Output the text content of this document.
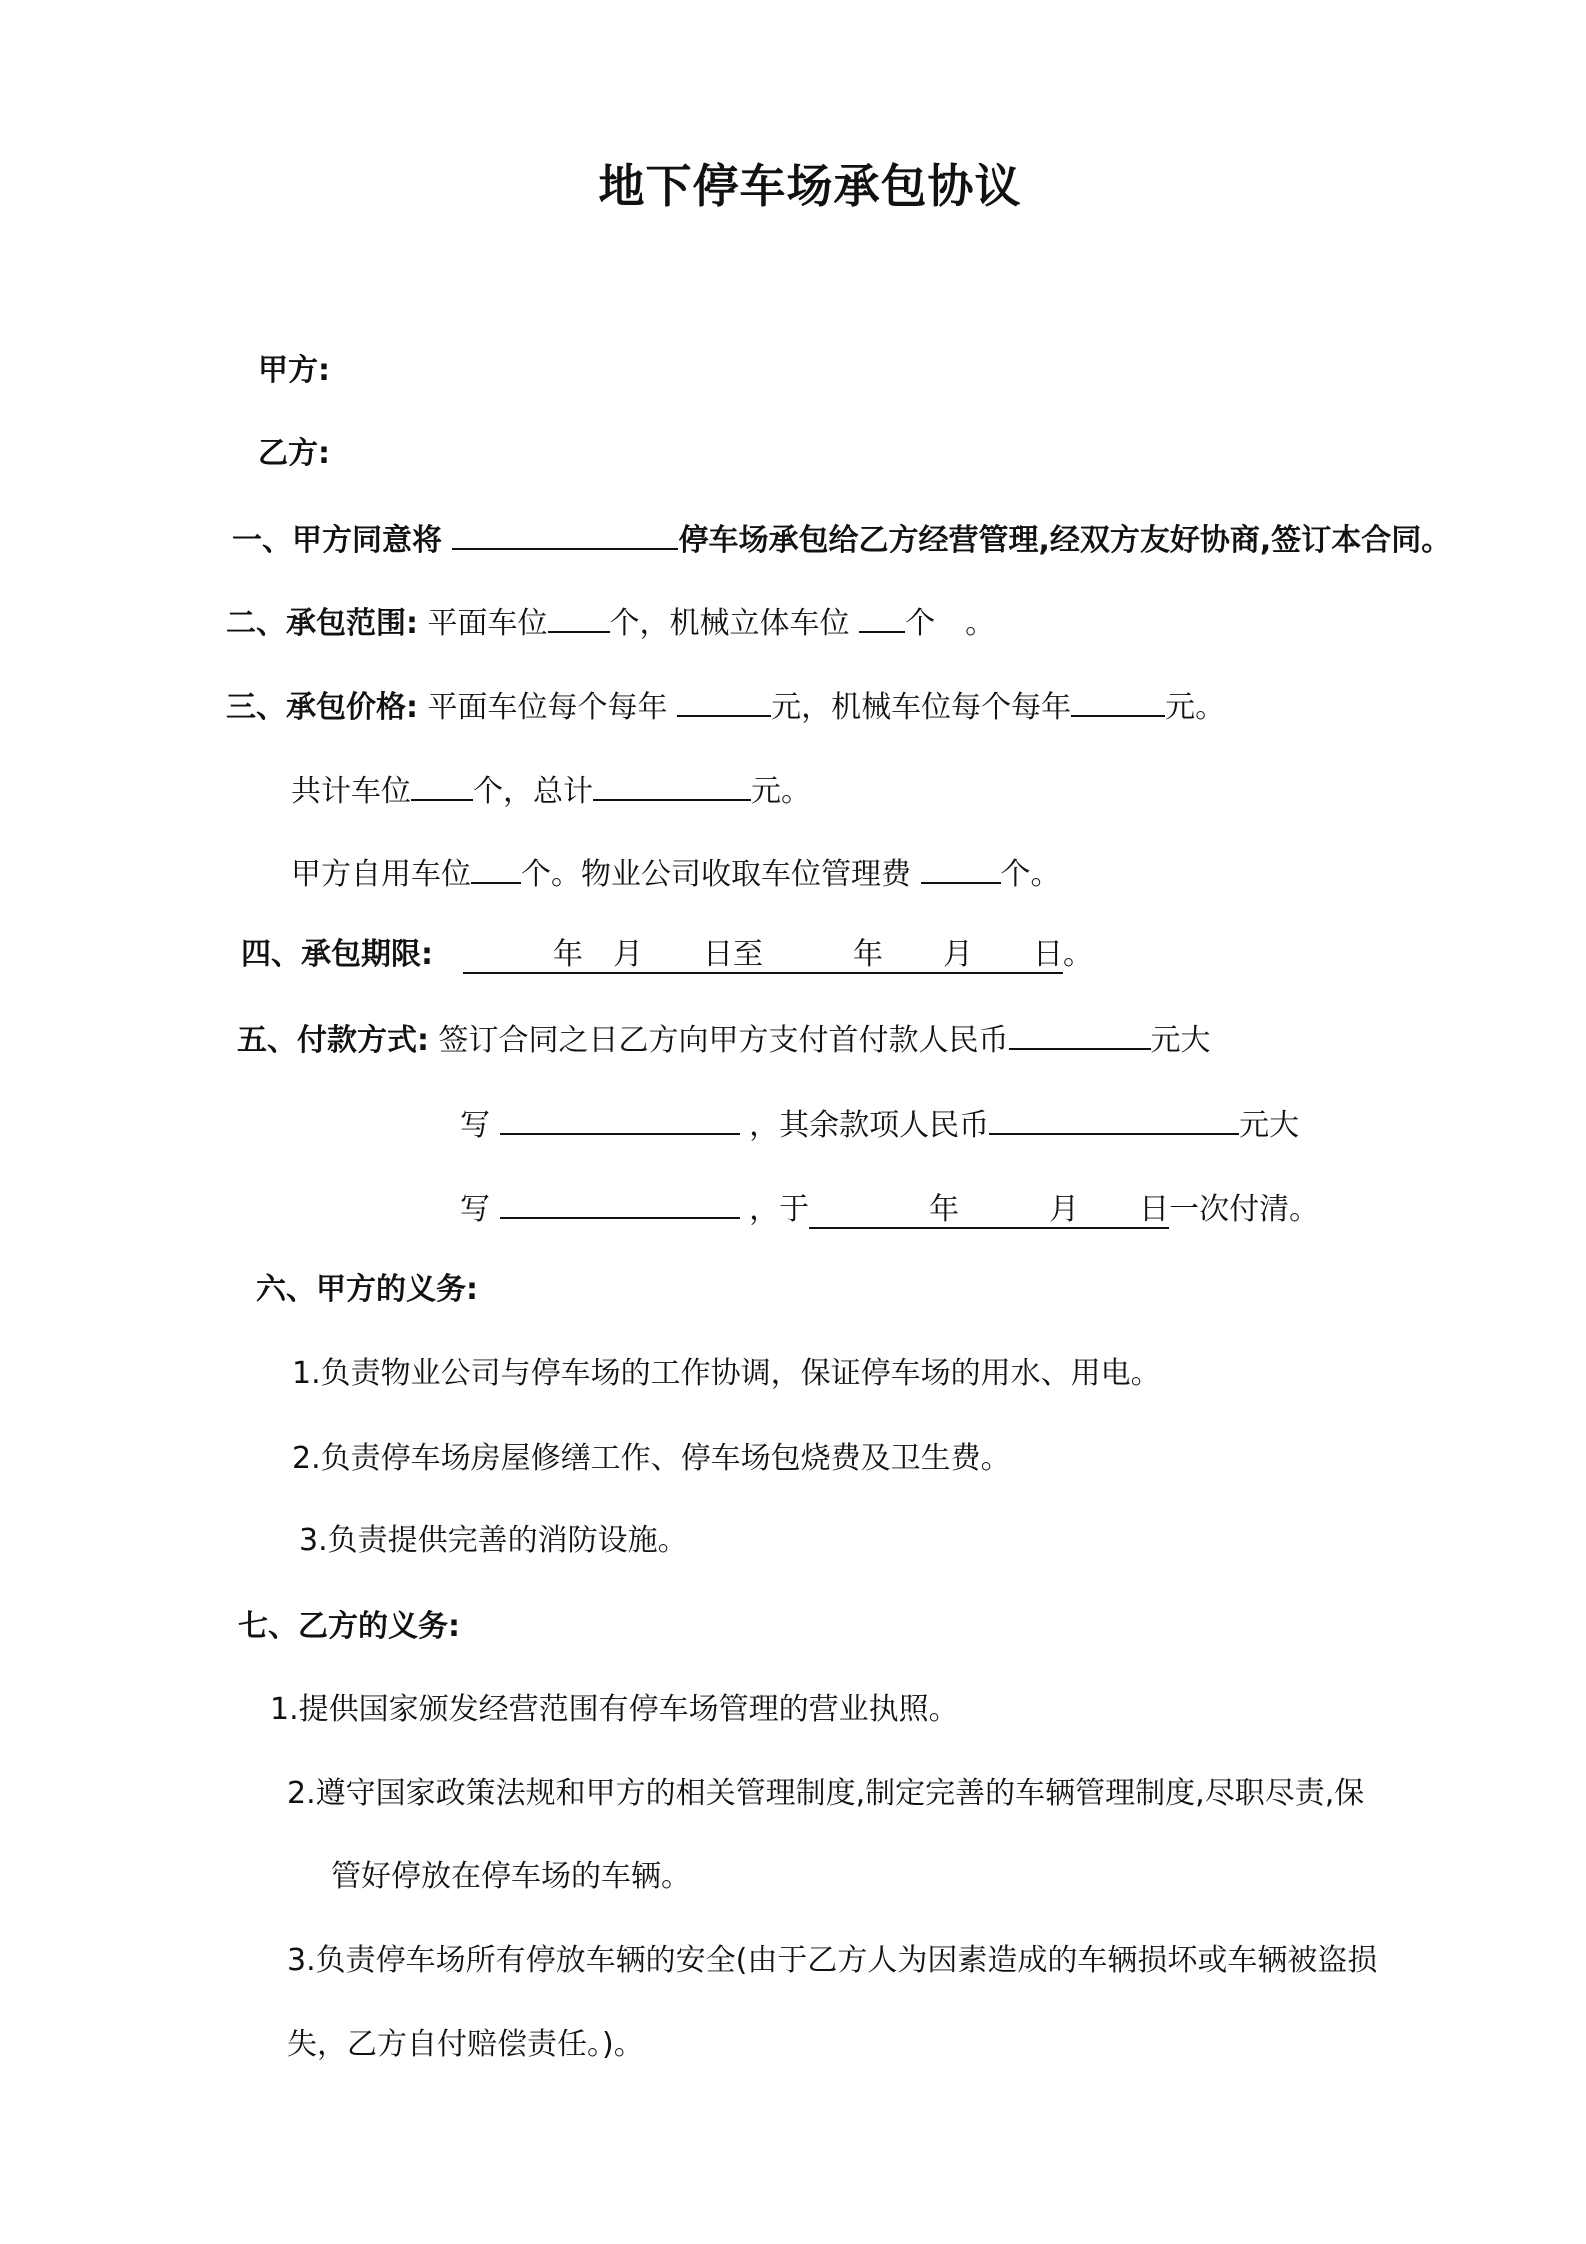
地下停车场承包协议
甲方:
乙方:
一、甲方同意将	停车场承包给乙方经营管理,经双方友好协商,签订本合同。
二、承包范围: 平面车位 个，机械立体车位 个　。
三、承包价格: 平面车位每个每年	元，机械车位每个每年	元。
共计车位 个，总计	元。
甲方自用车位 个。物业公司收取车位管理费	个。
四、承包期限:　　　　年　月　　日至　　　年　　月　　日。
五、付款方式: 签订合同之日乙方向甲方支付首付款人民币	元大
写	，其余款项人民币	元大
写	，于　　　　年　　　月　　日一次付清。
六、甲方的义务:
1.负责物业公司与停车场的工作协调，保证停车场的用水、用电。
2.负责停车场房屋修缮工作、停车场包烧费及卫生费。
3.负责提供完善的消防设施。
七、乙方的义务:
1.提供国家颁发经营范围有停车场管理的营业执照。
2.遵守国家政策法规和甲方的相关管理制度,制定完善的车辆管理制度,尽职尽责,保
管好停放在停车场的车辆。
3.负责停车场所有停放车辆的安全(由于乙方人为因素造成的车辆损坏或车辆被盗损
失，乙方自付赔偿责任。)。
